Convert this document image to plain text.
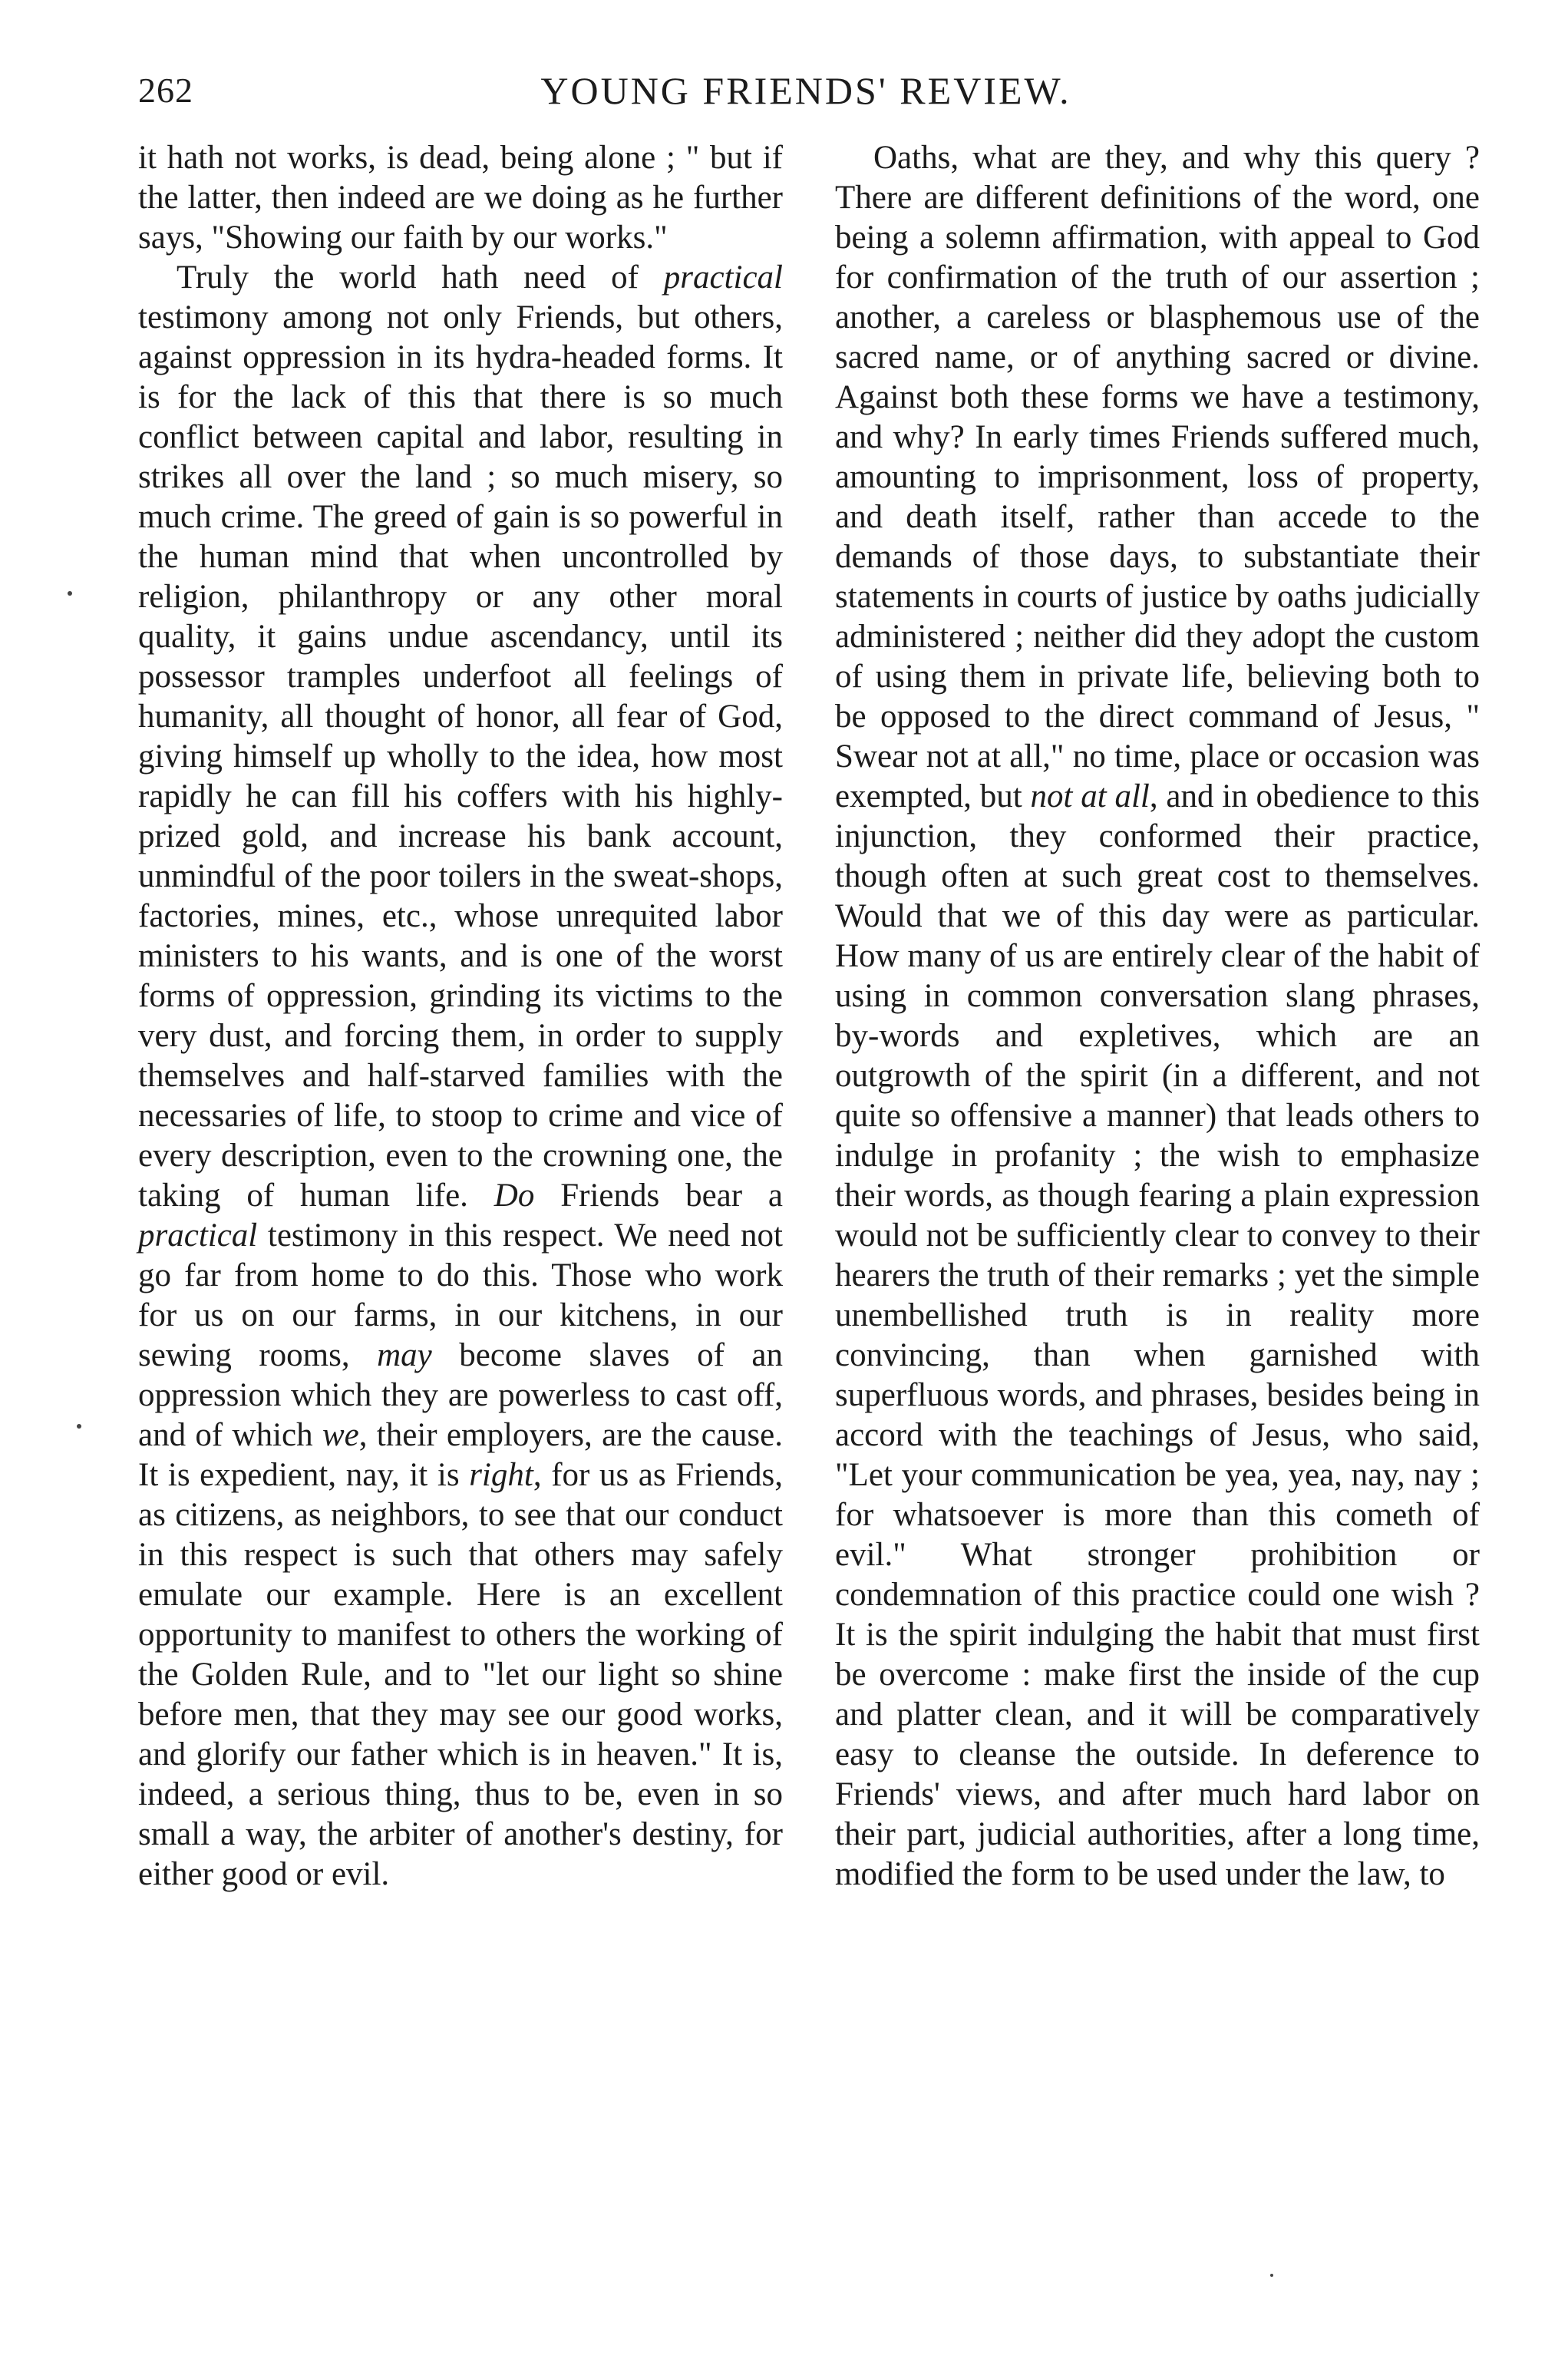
262	YOUNG FRIENDS' REVIEW.

it hath not works, is dead, being alone ; " but if the latter, then indeed are we doing as he further says, "Showing our faith by our works."

Truly the world hath need of practical testimony among not only Friends, but others, against oppression in its hydra-headed forms. It is for the lack of this that there is so much conflict between capital and labor, resulting in strikes all over the land ; so much misery, so much crime. The greed of gain is so powerful in the human mind that when uncontrolled by religion, philanthropy or any other moral quality, it gains undue ascendancy, until its possessor tramples underfoot all feelings of humanity, all thought of honor, all fear of God, giving himself up wholly to the idea, how most rapidly he can fill his coffers with his highly-prized gold, and increase his bank account, unmindful of the poor toilers in the sweat-shops, factories, mines, etc., whose unrequited labor ministers to his wants, and is one of the worst forms of oppression, grinding its victims to the very dust, and forcing them, in order to supply themselves and half-starved families with the necessaries of life, to stoop to crime and vice of every description, even to the crowning one, the taking of human life. Do Friends bear a practical testimony in this respect. We need not go far from home to do this. Those who work for us on our farms, in our kitchens, in our sewing rooms, may become slaves of an oppression which they are powerless to cast off, and of which we, their employers, are the cause. It is expedient, nay, it is right, for us as Friends, as citizens, as neighbors, to see that our conduct in this respect is such that others may safely emulate our example. Here is an excellent opportunity to manifest to others the working of the Golden Rule, and to "let our light so shine before men, that they may see our good works, and glorify our father which is in heaven." It is, indeed, a serious thing, thus to be, even in so small a way, the arbiter of another's destiny, for either good or evil.

Oaths, what are they, and why this query ? There are different definitions of the word, one being a solemn affirmation, with appeal to God for confirmation of the truth of our assertion ; another, a careless or blasphemous use of the sacred name, or of anything sacred or divine. Against both these forms we have a testimony, and why? In early times Friends suffered much, amounting to imprisonment, loss of property, and death itself, rather than accede to the demands of those days, to substantiate their statements in courts of justice by oaths judicially administered ; neither did they adopt the custom of using them in private life, believing both to be opposed to the direct command of Jesus, " Swear not at all," no time, place or occasion was exempted, but not at all, and in obedience to this injunction, they conformed their practice, though often at such great cost to themselves. Would that we of this day were as particular. How many of us are entirely clear of the habit of using in common conversation slang phrases, by-words and expletives, which are an outgrowth of the spirit (in a different, and not quite so offensive a manner) that leads others to indulge in profanity ; the wish to emphasize their words, as though fearing a plain expression would not be sufficiently clear to convey to their hearers the truth of their remarks ; yet the simple unembellished truth is in reality more convincing, than when garnished with superfluous words, and phrases, besides being in accord with the teachings of Jesus, who said, "Let your communication be yea, yea, nay, nay ; for whatsoever is more than this cometh of evil." What stronger prohibition or condemnation of this practice could one wish ? It is the spirit indulging the habit that must first be overcome : make first the inside of the cup and platter clean, and it will be comparatively easy to cleanse the outside. In deference to Friends' views, and after much hard labor on their part, judicial authorities, after a long time, modified the form to be used under the law, to
